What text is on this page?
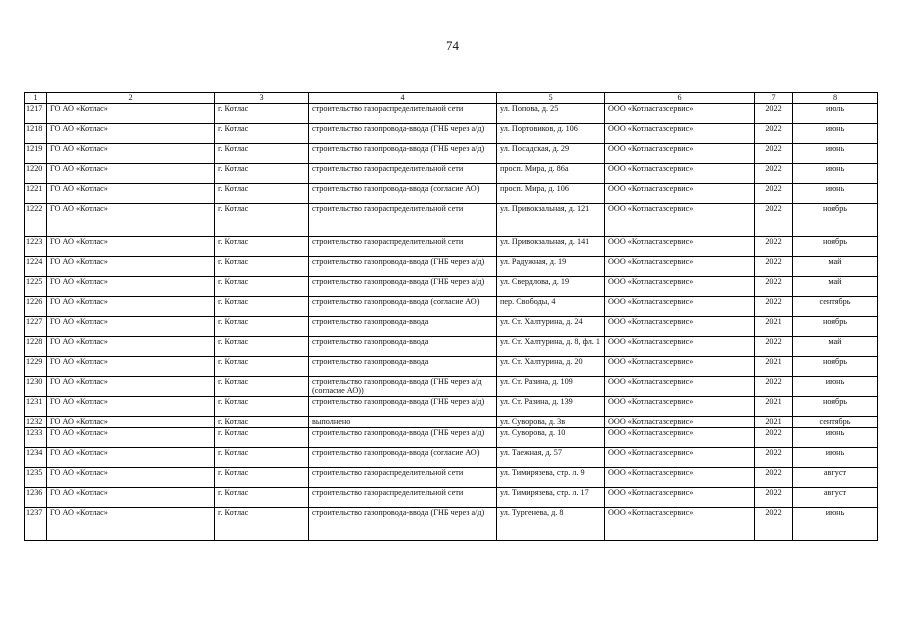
74
1	2	3	4	5	6	7	8
1217	ГО АО «Котлас»	г. Котлас	строительство газораспределительной сети	ул. Попова, д. 25	ООО «Котласгазсервис»	2022	июль
1218	ГО АО «Котлас»	г. Котлас	строительство газопровода-ввода (ГНБ через а/д)	ул. Портовиков, д. 106	ООО «Котласгазсервис»	2022	июнь
1219	ГО АО «Котлас»	г. Котлас	строительство газопровода-ввода (ГНБ через а/д)	ул. Посадская, д. 29	ООО «Котласгазсервис»	2022	июнь
1220	ГО АО «Котлас»	г. Котлас	строительство газораспределительной сети	просп. Мира, д. 86а	ООО «Котласгазсервис»	2022	июнь
1221	ГО АО «Котлас»	г. Котлас	строительство газопровода-ввода (согласие АО)	просп. Мира, д. 106	ООО «Котласгазсервис»	2022	июнь
1222	ГО АО «Котлас»	г. Котлас	строительство газораспределительной сети	ул. Привокзальная, д. 121	ООО «Котласгазсервис»	2022	ноябрь
1223	ГО АО «Котлас»	г. Котлас	строительство газораспределительной сети	ул. Привокзальная, д. 141	ООО «Котласгазсервис»	2022	ноябрь
1224	ГО АО «Котлас»	г. Котлас	строительство газопровода-ввода (ГНБ через а/д)	ул. Радужная, д. 19	ООО «Котласгазсервис»	2022	май
1225	ГО АО «Котлас»	г. Котлас	строительство газопровода-ввода (ГНБ через а/д)	ул. Свердлова, д. 19	ООО «Котласгазсервис»	2022	май
1226	ГО АО «Котлас»	г. Котлас	строительство газопровода-ввода (согласие АО)	пер. Свободы, 4	ООО «Котласгазсервис»	2022	сентябрь
1227	ГО АО «Котлас»	г. Котлас	строительство газопровода-ввода	ул. Ст. Халтурина, д. 24	ООО «Котласгазсервис»	2021	ноябрь
1228	ГО АО «Котлас»	г. Котлас	строительство газопровода-ввода	ул. Ст. Халтурина, д. 8, фл. 1	ООО «Котласгазсервис»	2022	май
1229	ГО АО «Котлас»	г. Котлас	строительство газопровода-ввода	ул. Ст. Халтурина, д. 20	ООО «Котласгазсервис»	2021	ноябрь
1230	ГО АО «Котлас»	г. Котлас	строительство газопровода-ввода (ГНБ через а/д (согласие АО))	ул. Ст. Разина, д. 109	ООО «Котласгазсервис»	2022	июнь
1231	ГО АО «Котлас»	г. Котлас	строительство газопровода-ввода (ГНБ через а/д)	ул. Ст. Разина, д. 139	ООО «Котласгазсервис»	2021	ноябрь
1232	ГО АО «Котлас»	г. Котлас	выполнено	ул. Суворова, д. 3в	ООО «Котласгазсервис»	2021	сентябрь
1233	ГО АО «Котлас»	г. Котлас	строительство газопровода-ввода (ГНБ через а/д)	ул. Суворова, д. 10	ООО «Котласгазсервис»	2022	июнь
1234	ГО АО «Котлас»	г. Котлас	строительство газопровода-ввода (согласие АО)	ул. Таежная, д. 57	ООО «Котласгазсервис»	2022	июнь
1235	ГО АО «Котлас»	г. Котлас	строительство газораспределительной сети	ул. Тимирязева, стр. л. 9	ООО «Котласгазсервис»	2022	август
1236	ГО АО «Котлас»	г. Котлас	строительство газораспределительной сети	ул. Тимирязева, стр. л. 17	ООО «Котласгазсервис»	2022	август
1237	ГО АО «Котлас»	г. Котлас	строительство газопровода-ввода (ГНБ через а/д)	ул. Тургенева, д. 8	ООО «Котласгазсервис»	2022	июнь
